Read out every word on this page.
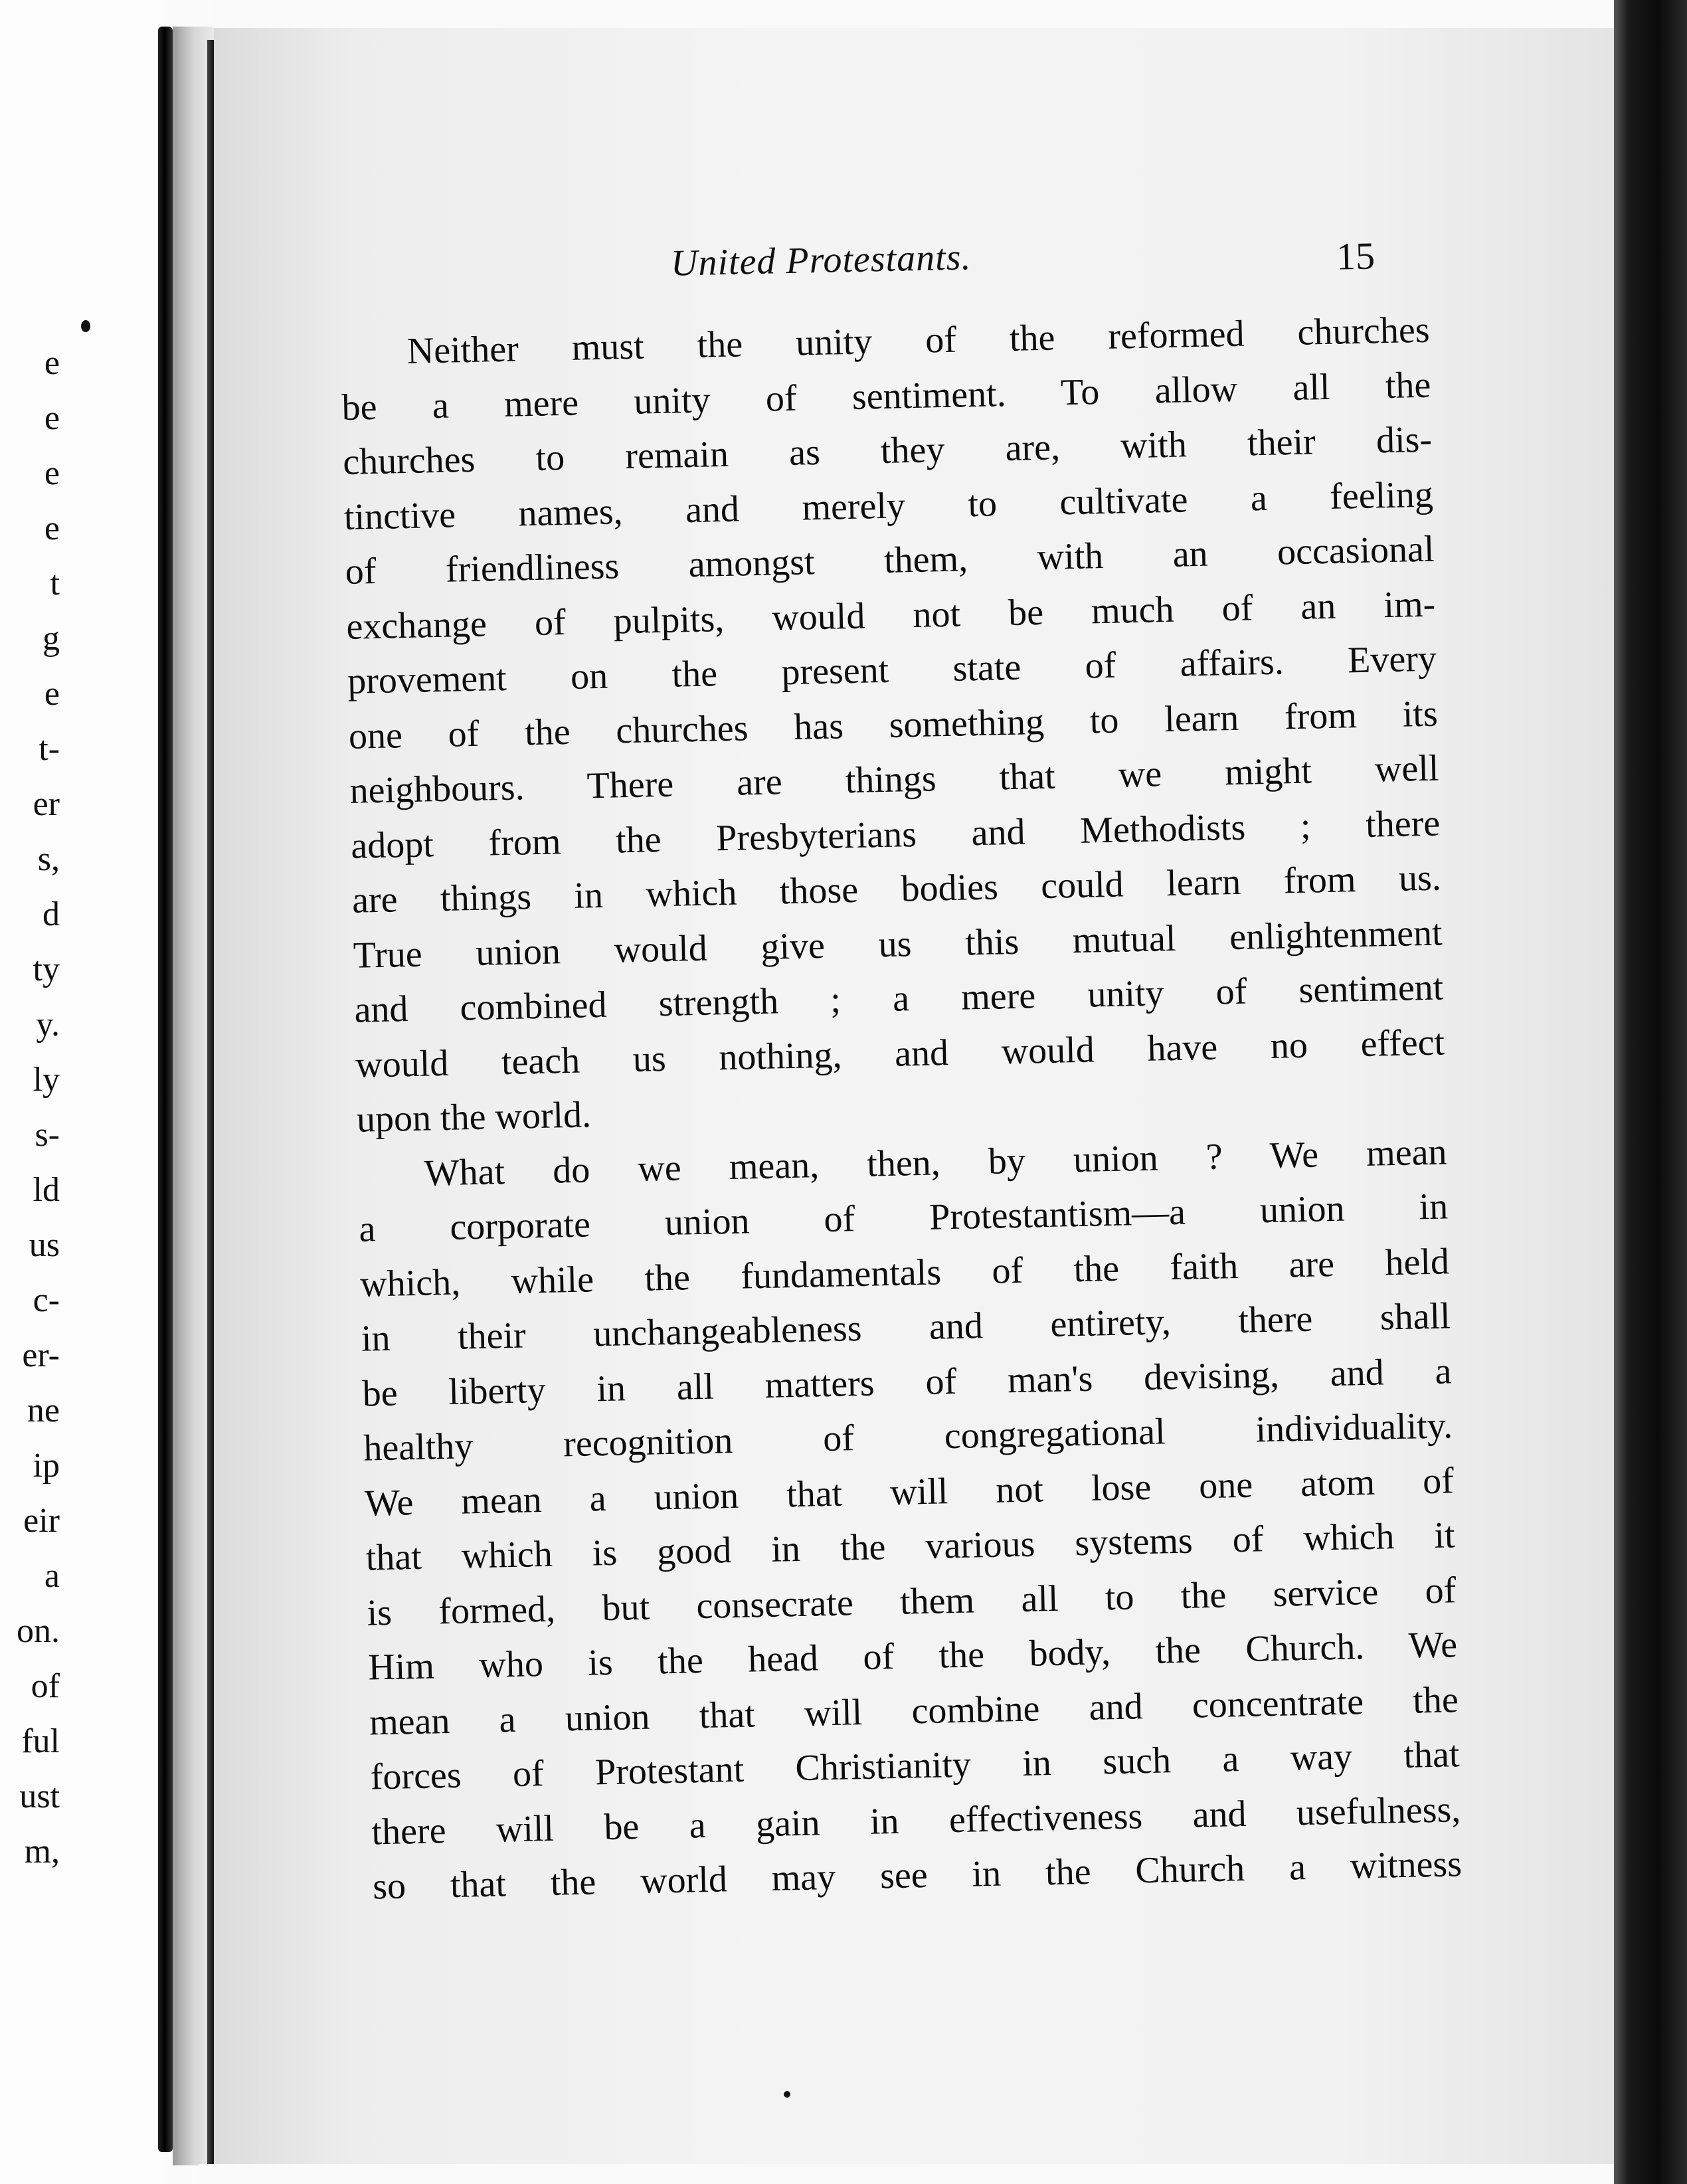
e
e
e
e
t
g
e
t-
er
s,
d
ty
y.
ly
s-
ld
us
c-
er-
ne
ip
eir
a
on.
of
ful
ust
m,
United Protestants.	15
Neither must the unity of the reformed churches
be a mere unity of sentiment. To allow all the
churches to remain as they are, with their dis-
tinctive names, and merely to cultivate a feeling
of friendliness amongst them, with an occasional
exchange of pulpits, would not be much of an im-
provement on the present state of affairs. Every
one of the churches has something to learn from its
neighbours. There are things that we might well
adopt from the Presbyterians and Methodists ; there
are things in which those bodies could learn from us.
True union would give us this mutual enlightenment
and combined strength ; a mere unity of sentiment
would teach us nothing, and would have no effect
upon the world.
What do we mean, then, by union ? We mean
a corporate union of Protestantism—a union in
which, while the fundamentals of the faith are held
in their unchangeableness and entirety, there shall
be liberty in all matters of man's devising, and a
healthy recognition of congregational individuality.
We mean a union that will not lose one atom of
that which is good in the various systems of which it
is formed, but consecrate them all to the service of
Him who is the head of the body, the Church. We
mean a union that will combine and concentrate the
forces of Protestant Christianity in such a way that
there will be a gain in effectiveness and usefulness,
so that the world may see in the Church a witness
